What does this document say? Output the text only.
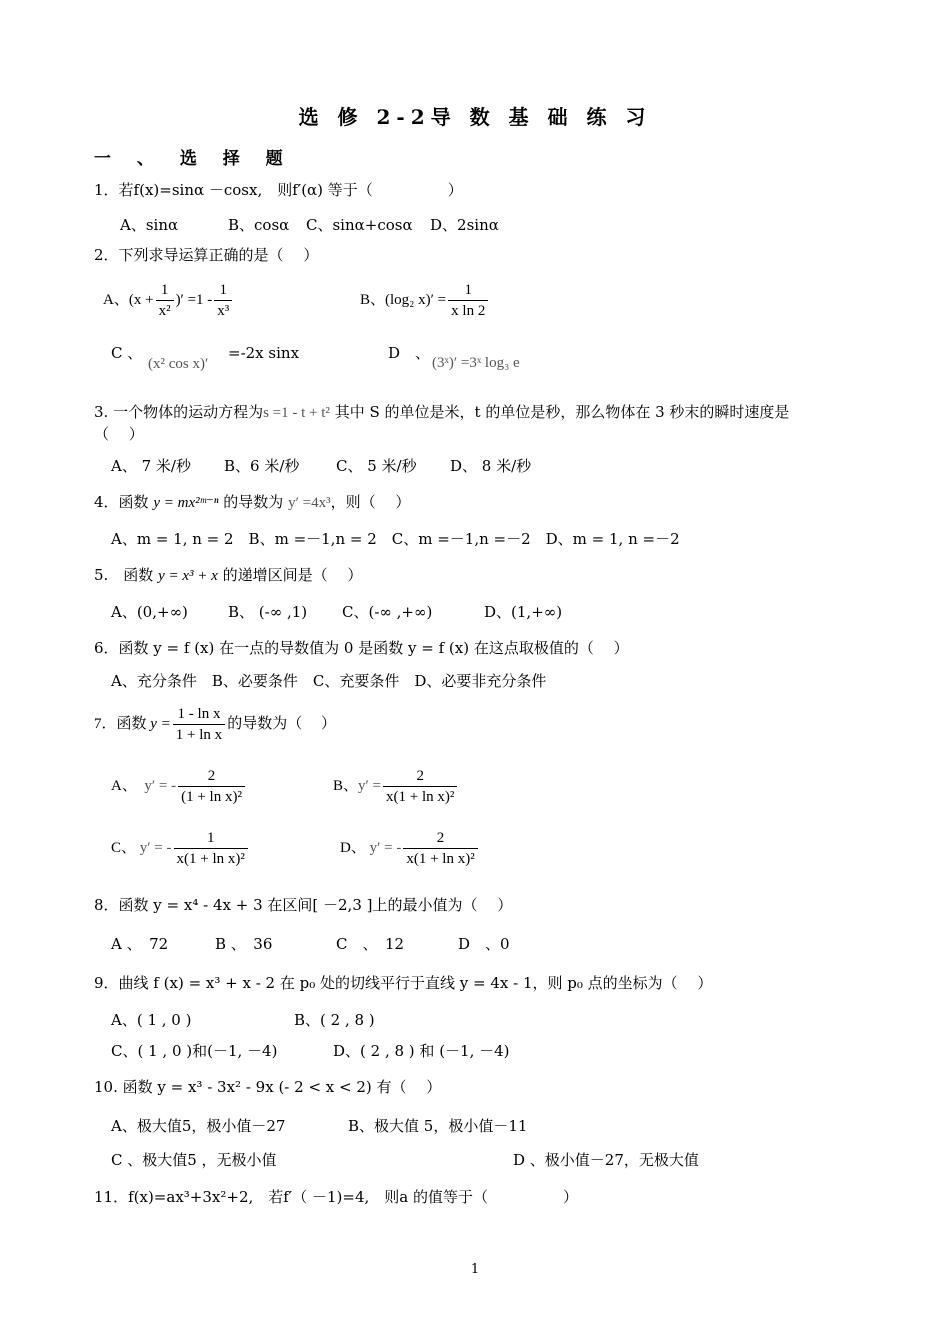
选 修 2-2导 数 基 础 练 习
一 、 选 择 题
1．若f(x)=sinα －cosx,　则f′(α) 等于（　　　　　）
A、sinα	B、cosα C、sinα+cosα D、2sinα
2．下列求导运算正确的是（　 ）
A、($x + \frac{1}{\text{x²}}$ )′ $=1 - \frac{1}{\text{x³}}$	B、(log₂ $x)' = \frac{1}{\text{x ln 2}}$
C 、
(x² cos x)′
=-2x sinx	D　、
(3ˣ)′ =3ˣ log₃ e
3. 一个物体的运动方程为s =1 - t + t² 其中 S 的单位是米，t 的单位是秒，那么物体在 3 秒末的瞬时速度是
（　 ）
A、 7 米/秒 B、6 米/秒 C、 5 米/秒 D、 8 米/秒
4．函数 y = mx²ᵐ⁻ⁿ 的导数为 y′ =4x³，则（　 ）
A、m = 1, n = 2　B、m =－1,n = 2　C、m =－1,n =－2　D、m = 1, n =－2
5.　函数 y = x³ + x 的递增区间是（　 ）
A、(0,+∞)	B、 (-∞ ,1) C、(-∞ ,+∞)	D、(1,+∞)
6．函数 y = f (x) 在一点的导数值为 0 是函数 y = f (x) 在这点取极值的（　 ）
A、充分条件　B、必要条件　C、充要条件　D、必要非充分条件
7．函数 $y = \frac{\text{1 - ln x}}{\text{1 + ln x}}$ 的导数为（　 ）
A、 y′ = - $\frac{2}{\text{(1 + ln x)²}}$	B、$y' = \frac{2}{\text{x(1 + ln x)²}}$
C、 y′ = - $\frac{1}{\text{x(1 + ln x)²}}$	D、 y′ = - $\frac{2}{\text{x(1 + ln x)²}}$
8．函数 y = x⁴ - 4x + 3 在区间[ －2,3 ]上的最小值为（　 ）
A 、　72	B 、　36	C　、　12	D　、0
9．曲线 f (x) = x³ + x - 2 在 p₀ 处的切线平行于直线 y = 4x - 1，则 p₀ 点的坐标为（　 ）
A、( 1 , 0 )	B、( 2 , 8 )
C、( 1 , 0 )和(－1, －4)	D、( 2 , 8 ) 和 (－1, －4)
10. 函数 y = x³ - 3x² - 9x (- 2 < x < 2) 有（　 ）
A、极大值5，极小值－27	B、极大值 5，极小值－11
C 、极大值5 ，无极小值	D 、极小值－27，无极大值
11．f(x)=ax³+3x²+2,　若f′（ －1)=4,　则a 的值等于（　　　　　）
1
